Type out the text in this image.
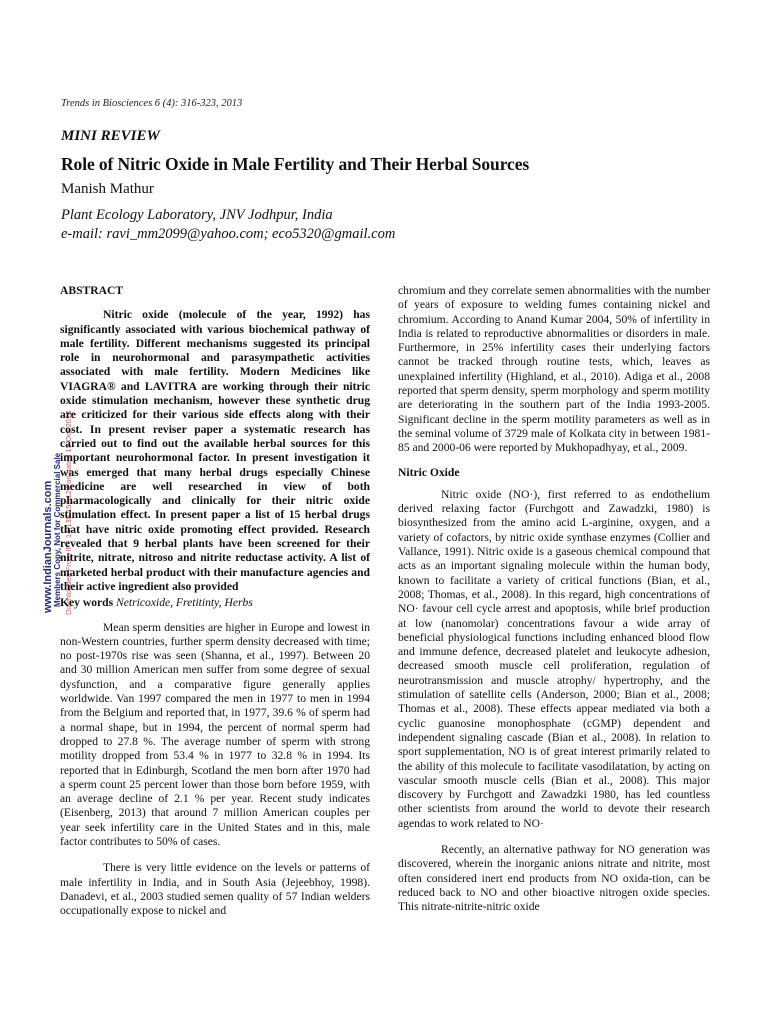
Trends in Biosciences 6 (4): 316-323, 2013
MINI REVIEW
Role of Nitric Oxide in Male Fertility and Their Herbal Sources
Manish Mathur
Plant Ecology Laboratory, JNV Jodhpur, India
e-mail: ravi_mm2099@yahoo.com; eco5320@gmail.com
www.IndianJournals.com Members Copy, Not for Commercial Sale Downloaded From IP - 14.139.158.124 on dated 15-Oct-2013
ABSTRACT
Nitric oxide (molecule of the year, 1992) has significantly associated with various biochemical pathway of male fertility. Different mechanisms suggested its principal role in neurohormonal and parasympathetic activities associated with male fertility. Modern Medicines like VIAGRA® and LAVITRA are working through their nitric oxide stimulation mechanism, however these synthetic drug are criticized for their various side effects along with their cost. In present reviser paper a systematic research has carried out to find out the available herbal sources for this important neurohormonal factor. In present investigation it was emerged that many herbal drugs especially Chinese medicine are well researched in view of both pharmacologically and clinically for their nitric oxide stimulation effect. In present paper a list of 15 herbal drugs that have nitric oxide promoting effect provided. Research revealed that 9 herbal plants have been screened for their nitrite, nitrate, nitroso and nitrite reductase activity. A list of marketed herbal product with their manufacture agencies and their active ingredient also provided
Key words Netricoxide, Fretitinty, Herbs
Mean sperm densities are higher in Europe and lowest in non-Western countries, further sperm density decreased with time; no post-1970s rise was seen (Shanna, et al., 1997). Between 20 and 30 million American men suffer from some degree of sexual dysfunction, and a comparative figure generally applies worldwide. Van 1997 compared the men in 1977 to men in 1994 from the Belgium and reported that, in 1977, 39.6 % of sperm had a normal shape, but in 1994, the percent of normal sperm had dropped to 27.8 %. The average number of sperm with strong motility dropped from 53.4 % in 1977 to 32.8 % in 1994. Its reported that in Edinburgh, Scotland the men born after 1970 had a sperm count 25 percent lower than those born before 1959, with an average decline of 2.1 % per year. Recent study indicates (Eisenberg, 2013) that around 7 million American couples per year seek infertility care in the United States and in this, male factor contributes to 50% of cases.
There is very little evidence on the levels or patterns of male infertility in India, and in South Asia (Jejeebhoy, 1998). Danadevi, et al., 2003 studied semen quality of 57 Indian welders occupationally expose to nickel and
chromium and they correlate semen abnormalities with the number of years of exposure to welding fumes containing nickel and chromium. According to Anand Kumar 2004, 50% of infertility in India is related to reproductive abnormalities or disorders in male. Furthermore, in 25% infertility cases their underlying factors cannot be tracked through routine tests, which, leaves as unexplained infertility (Highland, et al., 2010). Adiga et al., 2008 reported that sperm density, sperm morphology and sperm motility are deteriorating in the southern part of the India 1993-2005. Significant decline in the sperm motility parameters as well as in the seminal volume of 3729 male of Kolkata city in between 1981-85 and 2000-06 were reported by Mukhopadhyay, et al., 2009.
Nitric Oxide
Nitric oxide (NO·), first referred to as endothelium derived relaxing factor (Furchgott and Zawadzki, 1980) is biosynthesized from the amino acid L-arginine, oxygen, and a variety of cofactors, by nitric oxide synthase enzymes (Collier and Vallance, 1991). Nitric oxide is a gaseous chemical compound that acts as an important signaling molecule within the human body, known to facilitate a variety of critical functions (Bian, et al., 2008; Thomas, et al., 2008). In this regard, high concentrations of NO· favour cell cycle arrest and apoptosis, while brief production at low (nanomolar) concentrations favour a wide array of beneficial physiological functions including enhanced blood flow and immune defence, decreased platelet and leukocyte adhesion, decreased smooth muscle cell proliferation, regulation of neurotransmission and muscle atrophy/ hypertrophy, and the stimulation of satellite cells (Anderson, 2000; Bian et al., 2008; Thomas et al., 2008). These effects appear mediated via both a cyclic guanosine monophosphate (cGMP) dependent and independent signaling cascade (Bian et al., 2008). In relation to sport supplementation, NO is of great interest primarily related to the ability of this molecule to facilitate vasodilatation, by acting on vascular smooth muscle cells (Bian et al., 2008). This major discovery by Furchgott and Zawadzki 1980, has led countless other scientists from around the world to devote their research agendas to work related to NO·
Recently, an alternative pathway for NO generation was discovered, wherein the inorganic anions nitrate and nitrite, most often considered inert end products from NO oxida-tion, can be reduced back to NO and other bioactive nitrogen oxide species. This nitrate-nitrite-nitric oxide
